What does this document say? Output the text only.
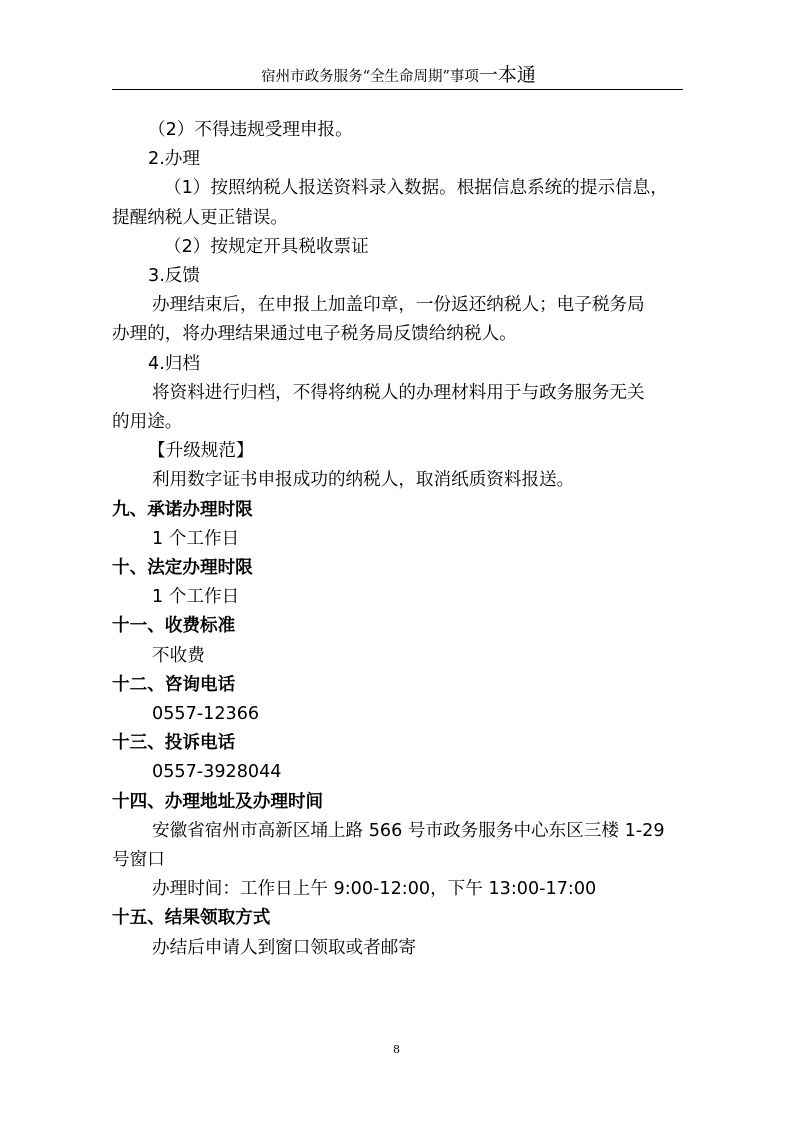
宿州市政务服务“全生命周期”事项一本通

（2）不得违规受理申报。

2.办理

（1）按照纳税人报送资料录入数据。根据信息系统的提示信息，

提醒纳税人更正错误。

（2）按规定开具税收票证

3.反馈

办理结束后，在申报上加盖印章，一份返还纳税人；电子税务局

办理的，将办理结果通过电子税务局反馈给纳税人。

4.归档

将资料进行归档，不得将纳税人的办理材料用于与政务服务无关

的用途。

【升级规范】

利用数字证书申报成功的纳税人，取消纸质资料报送。

九、承诺办理时限

1 个工作日

十、法定办理时限

1 个工作日

十一、收费标准

不收费

十二、咨询电话

0557-12366

十三、投诉电话

0557-3928044

十四、办理地址及办理时间

安徽省宿州市高新区埇上路 566 号市政务服务中心东区三楼 1-29

号窗口

办理时间：工作日上午 9:00-12:00，下午 13:00-17:00

十五、结果领取方式

办结后申请人到窗口领取或者邮寄

8
